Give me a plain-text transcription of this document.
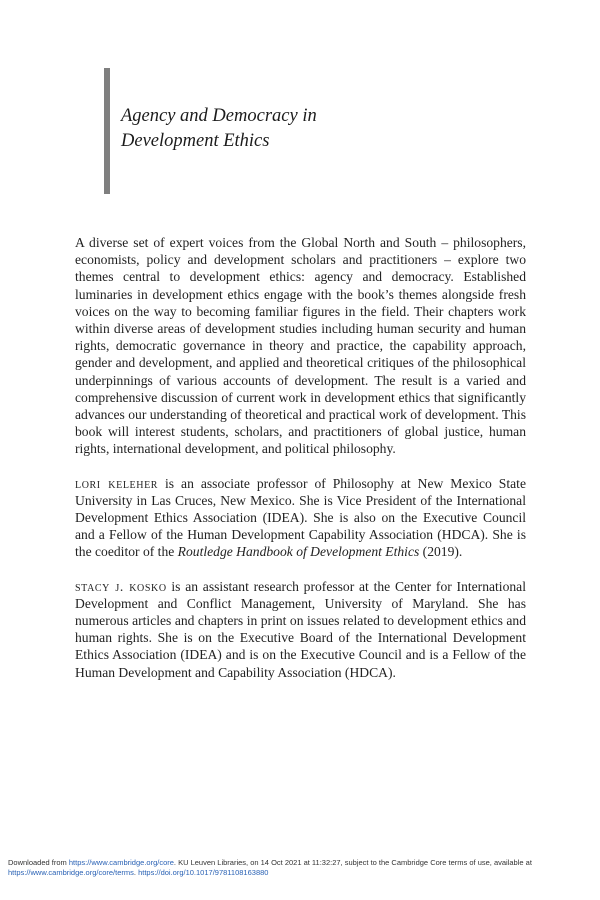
Agency and Democracy in
Development Ethics

A diverse set of expert voices from the Global North and South – philosophers, economists, policy and development scholars and practitioners – explore two themes central to development ethics: agency and democracy. Established luminaries in development ethics engage with the book’s themes alongside fresh voices on the way to becoming familiar figures in the field. Their chapters work within diverse areas of development studies including human security and human rights, democratic governance in theory and practice, the capability approach, gender and development, and applied and theoretical critiques of the philosophical underpinnings of various accounts of development. The result is a varied and comprehensive discussion of current work in development ethics that significantly advances our understanding of theoretical and practical work of development. This book will interest students, scholars, and practitioners of global justice, human rights, international development, and political philosophy.

lori keleher is an associate professor of Philosophy at New Mexico State University in Las Cruces, New Mexico. She is Vice President of the International Development Ethics Association (IDEA). She is also on the Executive Council and a Fellow of the Human Development Capability Association (HDCA). She is the coeditor of the Routledge Handbook of Development Ethics (2019).

stacy j. kosko is an assistant research professor at the Center for International Development and Conflict Management, University of Maryland. She has numerous articles and chapters in print on issues related to development ethics and human rights. She is on the Executive Board of the International Development Ethics Association (IDEA) and is on the Executive Council and is a Fellow of the Human Development and Capability Association (HDCA).

Downloaded from https://www.cambridge.org/core. KU Leuven Libraries, on 14 Oct 2021 at 11:32:27, subject to the Cambridge Core terms of use, available at https://www.cambridge.org/core/terms. https://doi.org/10.1017/9781108163880
